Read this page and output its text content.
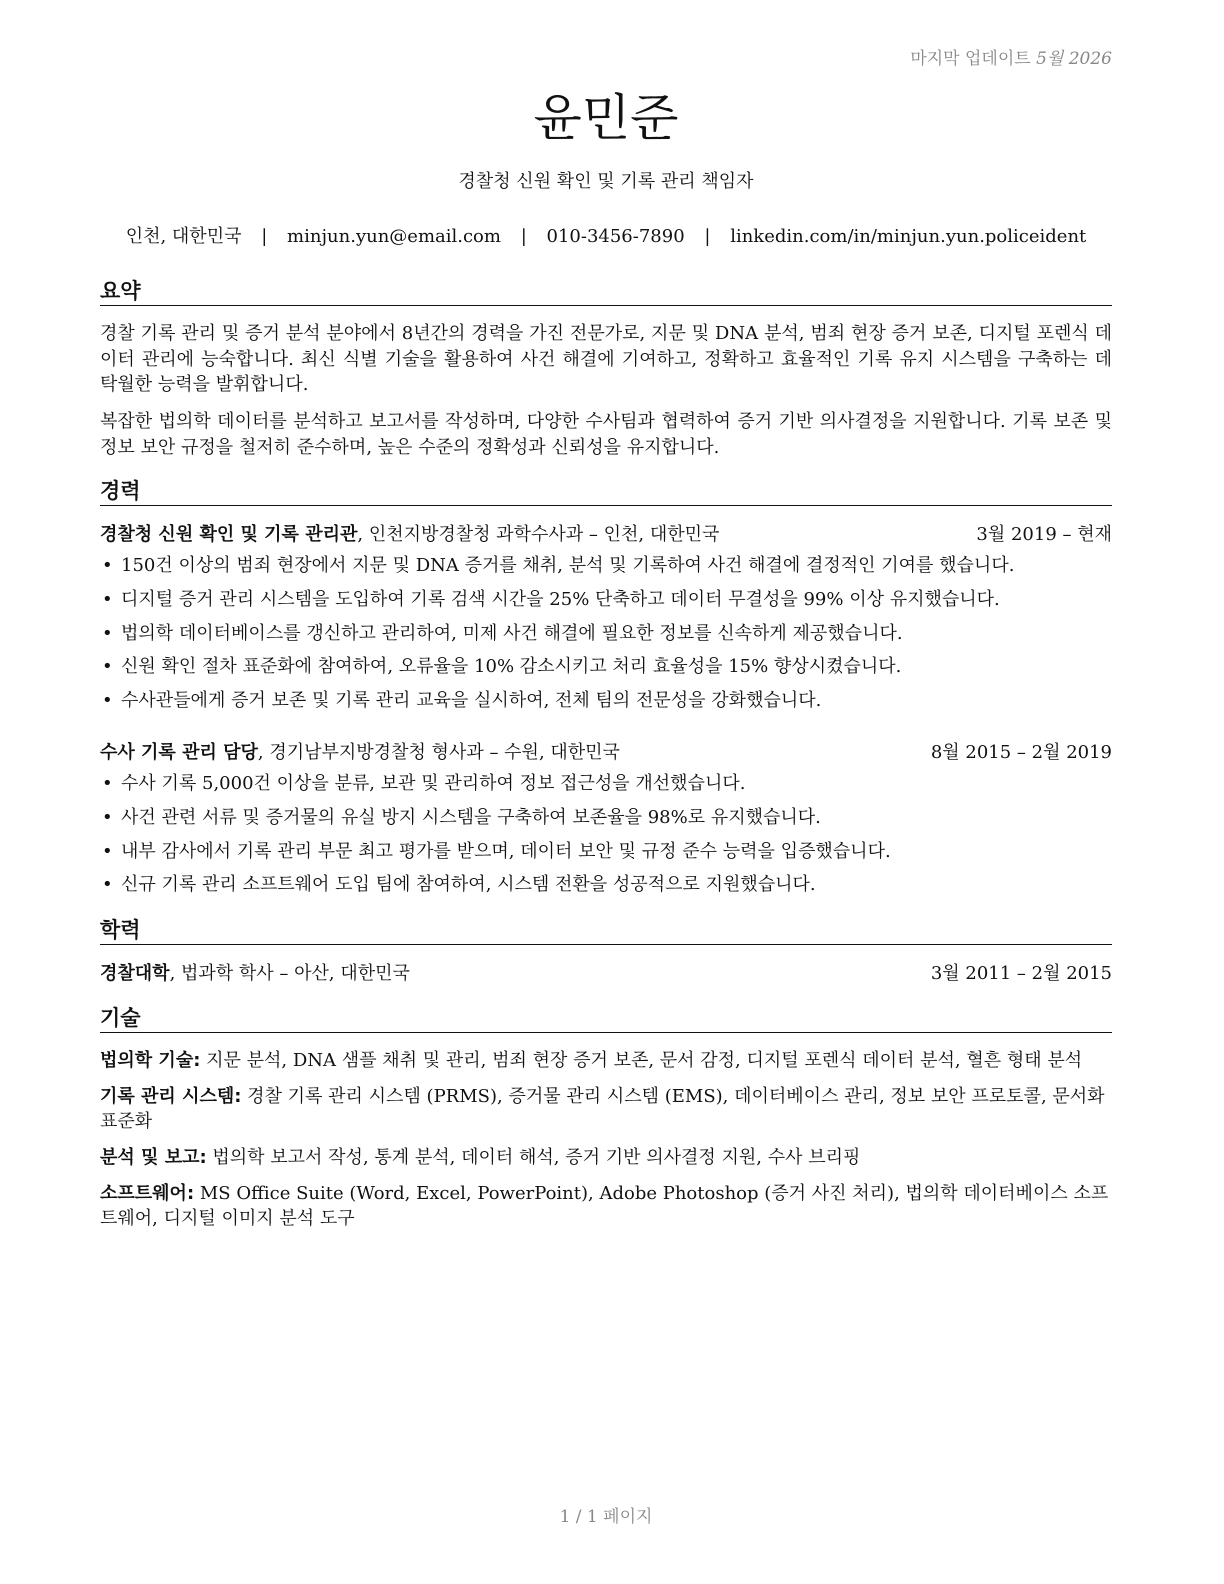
마지막 업데이트 5월 2026
윤민준
경찰청 신원 확인 및 기록 관리 책임자
인천, 대한민국 | minjun.yun@email.com | 010-3456-7890 | linkedin.com/in/minjun.yun.policeident
요약
경찰 기록 관리 및 증거 분석 분야에서 8년간의 경력을 가진 전문가로, 지문 및 DNA 분석, 범죄 현장 증거 보존, 디지털 포렌식 데이터 관리에 능숙합니다. 최신 식별 기술을 활용하여 사건 해결에 기여하고, 정확하고 효율적인 기록 유지 시스템을 구축하는 데 탁월한 능력을 발휘합니다.
복잡한 법의학 데이터를 분석하고 보고서를 작성하며, 다양한 수사팀과 협력하여 증거 기반 의사결정을 지원합니다. 기록 보존 및 정보 보안 규정을 철저히 준수하며, 높은 수준의 정확성과 신뢰성을 유지합니다.
경력
경찰청 신원 확인 및 기록 관리관, 인천지방경찰청 과학수사과 – 인천, 대한민국	3월 2019 – 현재
• 150건 이상의 범죄 현장에서 지문 및 DNA 증거를 채취, 분석 및 기록하여 사건 해결에 결정적인 기여를 했습니다.
• 디지털 증거 관리 시스템을 도입하여 기록 검색 시간을 25% 단축하고 데이터 무결성을 99% 이상 유지했습니다.
• 법의학 데이터베이스를 갱신하고 관리하여, 미제 사건 해결에 필요한 정보를 신속하게 제공했습니다.
• 신원 확인 절차 표준화에 참여하여, 오류율을 10% 감소시키고 처리 효율성을 15% 향상시켰습니다.
• 수사관들에게 증거 보존 및 기록 관리 교육을 실시하여, 전체 팀의 전문성을 강화했습니다.
수사 기록 관리 담당, 경기남부지방경찰청 형사과 – 수원, 대한민국	8월 2015 – 2월 2019
• 수사 기록 5,000건 이상을 분류, 보관 및 관리하여 정보 접근성을 개선했습니다.
• 사건 관련 서류 및 증거물의 유실 방지 시스템을 구축하여 보존율을 98%로 유지했습니다.
• 내부 감사에서 기록 관리 부문 최고 평가를 받으며, 데이터 보안 및 규정 준수 능력을 입증했습니다.
• 신규 기록 관리 소프트웨어 도입 팀에 참여하여, 시스템 전환을 성공적으로 지원했습니다.
학력
경찰대학, 법과학 학사 – 아산, 대한민국	3월 2011 – 2월 2015
기술
법의학 기술: 지문 분석, DNA 샘플 채취 및 관리, 범죄 현장 증거 보존, 문서 감정, 디지털 포렌식 데이터 분석, 혈흔 형태 분석
기록 관리 시스템: 경찰 기록 관리 시스템 (PRMS), 증거물 관리 시스템 (EMS), 데이터베이스 관리, 정보 보안 프로토콜, 문서화 표준화
분석 및 보고: 법의학 보고서 작성, 통계 분석, 데이터 해석, 증거 기반 의사결정 지원, 수사 브리핑
소프트웨어: MS Office Suite (Word, Excel, PowerPoint), Adobe Photoshop (증거 사진 처리), 법의학 데이터베이스 소프트웨어, 디지털 이미지 분석 도구
1 / 1 페이지
